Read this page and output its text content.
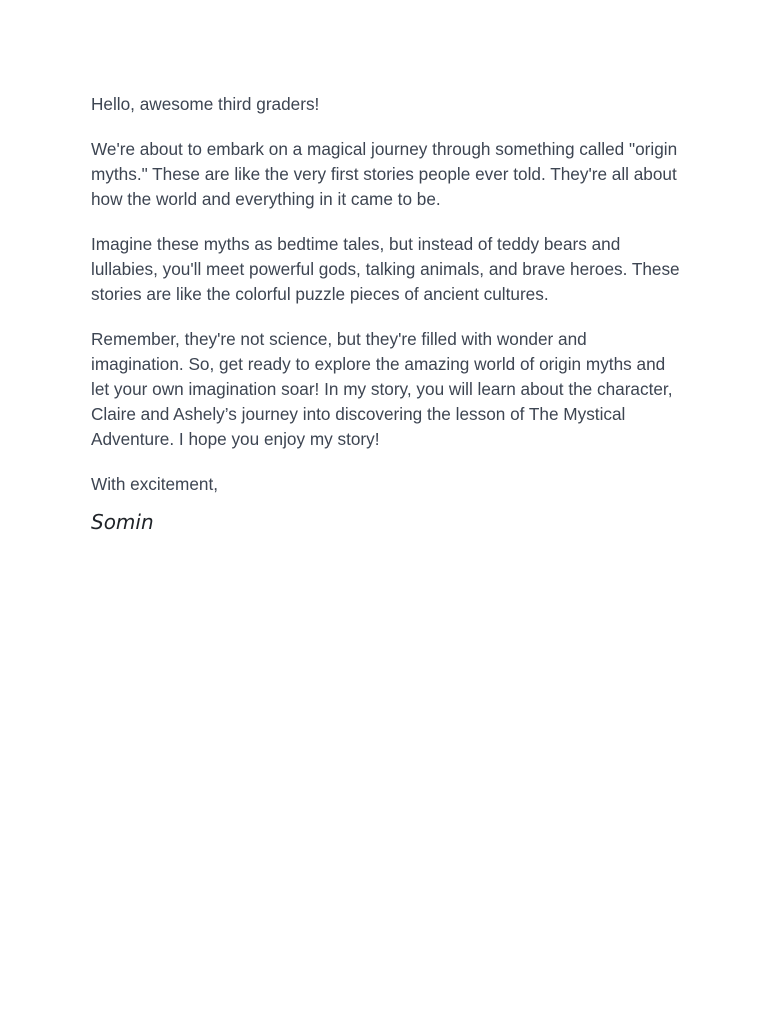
Hello, awesome third graders!

We're about to embark on a magical journey through something called "origin myths." These are like the very first stories people ever told. They're all about how the world and everything in it came to be.

Imagine these myths as bedtime tales, but instead of teddy bears and lullabies, you'll meet powerful gods, talking animals, and brave heroes. These stories are like the colorful puzzle pieces of ancient cultures.

Remember, they're not science, but they're filled with wonder and imagination. So, get ready to explore the amazing world of origin myths and let your own imagination soar! In my story, you will learn about the character, Claire and Ashely’s journey into discovering the lesson of The Mystical Adventure. I hope you enjoy my story!

With excitement,

Somin
